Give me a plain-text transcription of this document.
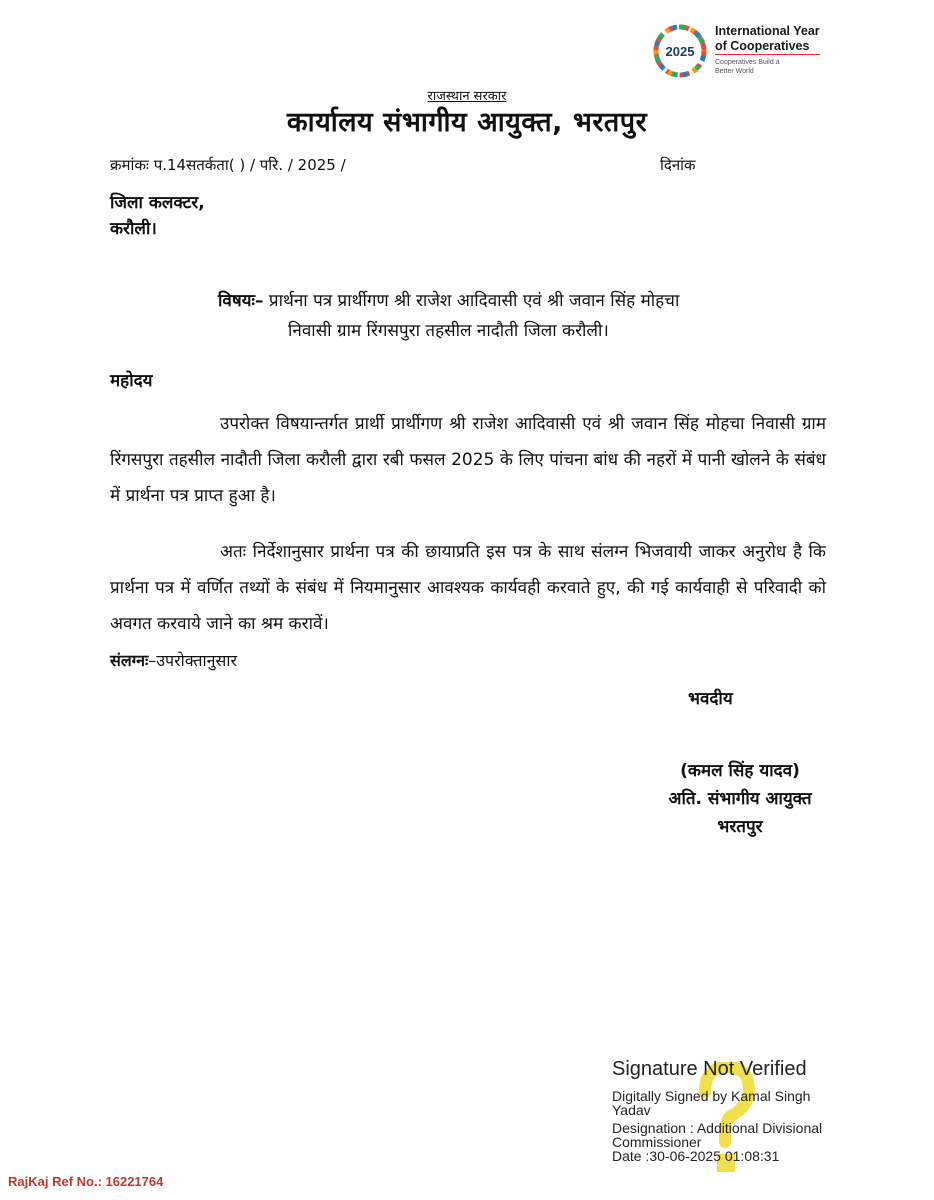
2025
International Year of Cooperatives
Cooperatives Build a Better World
राजस्थान सरकार
कार्यालय संभागीय आयुक्त, भरतपुर
क्रमांकः प.14सतर्कता( ) / परि. / 2025 /	दिनांक
जिला कलक्टर,
करौली।
विषयः– प्रार्थना पत्र प्रार्थीगण श्री राजेश आदिवासी एवं श्री जवान सिंह मोहचा
निवासी ग्राम रिंगसपुरा तहसील नादौती जिला करौली।
महोदय
उपरोक्त विषयान्तर्गत प्रार्थी प्रार्थीगण श्री राजेश आदिवासी एवं श्री जवान सिंह मोहचा निवासी ग्राम रिंगसपुरा तहसील नादौती जिला करौली द्वारा रबी फसल 2025 के लिए पांचना बांध की नहरों में पानी खोलने के संबंध में प्रार्थना पत्र प्राप्त हुआ है।
अतः निर्देशानुसार प्रार्थना पत्र की छायाप्रति इस पत्र के साथ संलग्न भिजवायी जाकर अनुरोध है कि प्रार्थना पत्र में वर्णित तथ्यों के संबंध में नियमानुसार आवश्यक कार्यवही करवाते हुए, की गई कार्यवाही से परिवादी को अवगत करवाये जाने का श्रम करावें।
संलग्नः–उपरोक्तानुसार
भवदीय
(कमल सिंह यादव)
अति. संभागीय आयुक्त
भरतपुर
Signature Not Verified
Digitally Signed by Kamal Singh
Yadav
Designation : Additional Divisional
Commissioner
Date :30-06-2025 01:08:31
RajKaj Ref No.: 16221764
